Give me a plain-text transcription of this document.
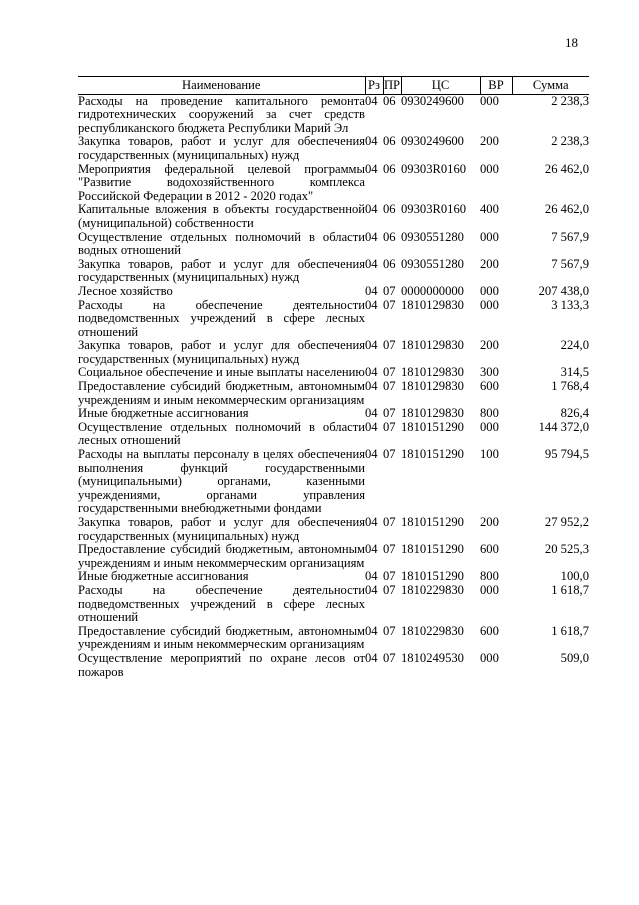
18
Наименование	Рз	ПР	ЦС	ВР	Сумма
Расходы на проведение капитального ремонта гидротехнических сооружений за счет средств республиканского бюджета Республики Марий Эл	04	06	0930249600	000	2 238,3
Закупка товаров, работ и услуг для обеспечения государственных (муниципальных) нужд	04	06	0930249600	200	2 238,3
Мероприятия федеральной целевой программы "Развитие водохозяйственного комплекса Российской Федерации в 2012 - 2020 годах"	04	06	09303R0160	000	26 462,0
Капитальные вложения в объекты государственной (муниципальной) собственности	04	06	09303R0160	400	26 462,0
Осуществление отдельных полномочий в области водных отношений	04	06	0930551280	000	7 567,9
Закупка товаров, работ и услуг для обеспечения государственных (муниципальных) нужд	04	06	0930551280	200	7 567,9
Лесное хозяйство	04	07	0000000000	000	207 438,0
Расходы на обеспечение деятельности подведомственных учреждений в сфере лесных отношений	04	07	1810129830	000	3 133,3
Закупка товаров, работ и услуг для обеспечения государственных (муниципальных) нужд	04	07	1810129830	200	224,0
Социальное обеспечение и иные выплаты населению	04	07	1810129830	300	314,5
Предоставление субсидий бюджетным, автономным учреждениям и иным некоммерческим организациям	04	07	1810129830	600	1 768,4
Иные бюджетные ассигнования	04	07	1810129830	800	826,4
Осуществление отдельных полномочий в области лесных отношений	04	07	1810151290	000	144 372,0
Расходы на выплаты персоналу в целях обеспечения выполнения функций государственными (муниципальными) органами, казенными учреждениями, органами управления государственными внебюджетными фондами	04	07	1810151290	100	95 794,5
Закупка товаров, работ и услуг для обеспечения государственных (муниципальных) нужд	04	07	1810151290	200	27 952,2
Предоставление субсидий бюджетным, автономным учреждениям и иным некоммерческим организациям	04	07	1810151290	600	20 525,3
Иные бюджетные ассигнования	04	07	1810151290	800	100,0
Расходы на обеспечение деятельности подведомственных учреждений в сфере лесных отношений	04	07	1810229830	000	1 618,7
Предоставление субсидий бюджетным, автономным учреждениям и иным некоммерческим организациям	04	07	1810229830	600	1 618,7
Осуществление мероприятий по охране лесов от пожаров	04	07	1810249530	000	509,0
